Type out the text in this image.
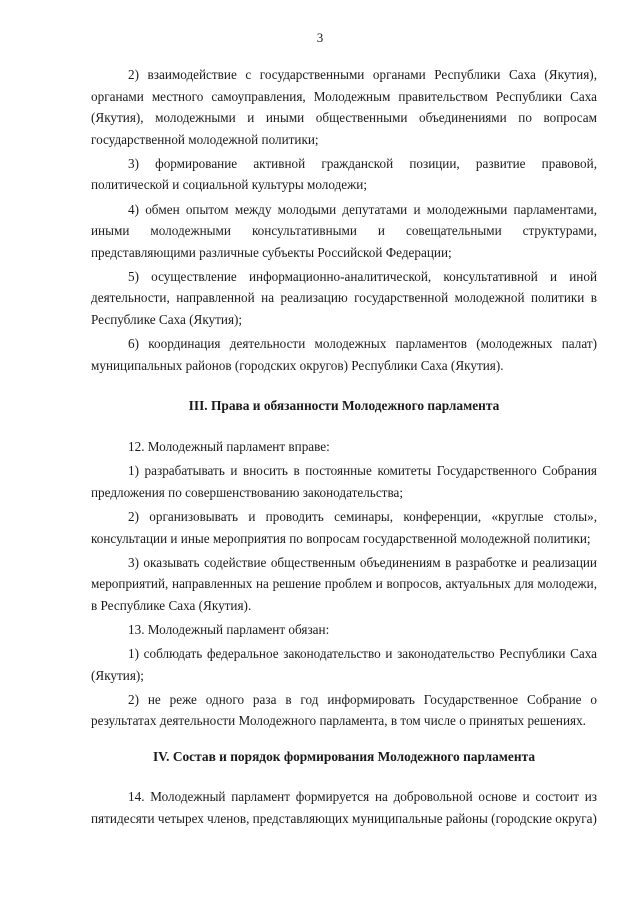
3

2) взаимодействие с государственными органами Республики Саха (Якутия), органами местного самоуправления, Молодежным правительством Республики Саха (Якутия), молодежными и иными общественными объединениями по вопросам государственной молодежной политики;

3) формирование активной гражданской позиции, развитие правовой, политической и социальной культуры молодежи;

4) обмен опытом между молодыми депутатами и молодежными парламентами, иными молодежными консультативными и совещательными структурами, представляющими различные субъекты Российской Федерации;

5) осуществление информационно-аналитической, консультативной и иной деятельности, направленной на реализацию государственной молодежной политики в Республике Саха (Якутия);

6) координация деятельности молодежных парламентов (молодежных палат) муниципальных районов (городских округов) Республики Саха (Якутия).

III. Права и обязанности Молодежного парламента

12. Молодежный парламент вправе:

1) разрабатывать и вносить в постоянные комитеты Государственного Собрания предложения по совершенствованию законодательства;

2) организовывать и проводить семинары, конференции, «круглые столы», консультации и иные мероприятия по вопросам государственной молодежной политики;

3) оказывать содействие общественным объединениям в разработке и реализации мероприятий, направленных на решение проблем и вопросов, актуальных для молодежи, в Республике Саха (Якутия).

13. Молодежный парламент обязан:

1) соблюдать федеральное законодательство и законодательство Республики Саха (Якутия);

2) не реже одного раза в год информировать Государственное Собрание о результатах деятельности Молодежного парламента, в том числе о принятых решениях.

IV. Состав и порядок формирования Молодежного парламента

14. Молодежный парламент формируется на добровольной основе и состоит из пятидесяти четырех членов, представляющих муниципальные районы (городские округа)
